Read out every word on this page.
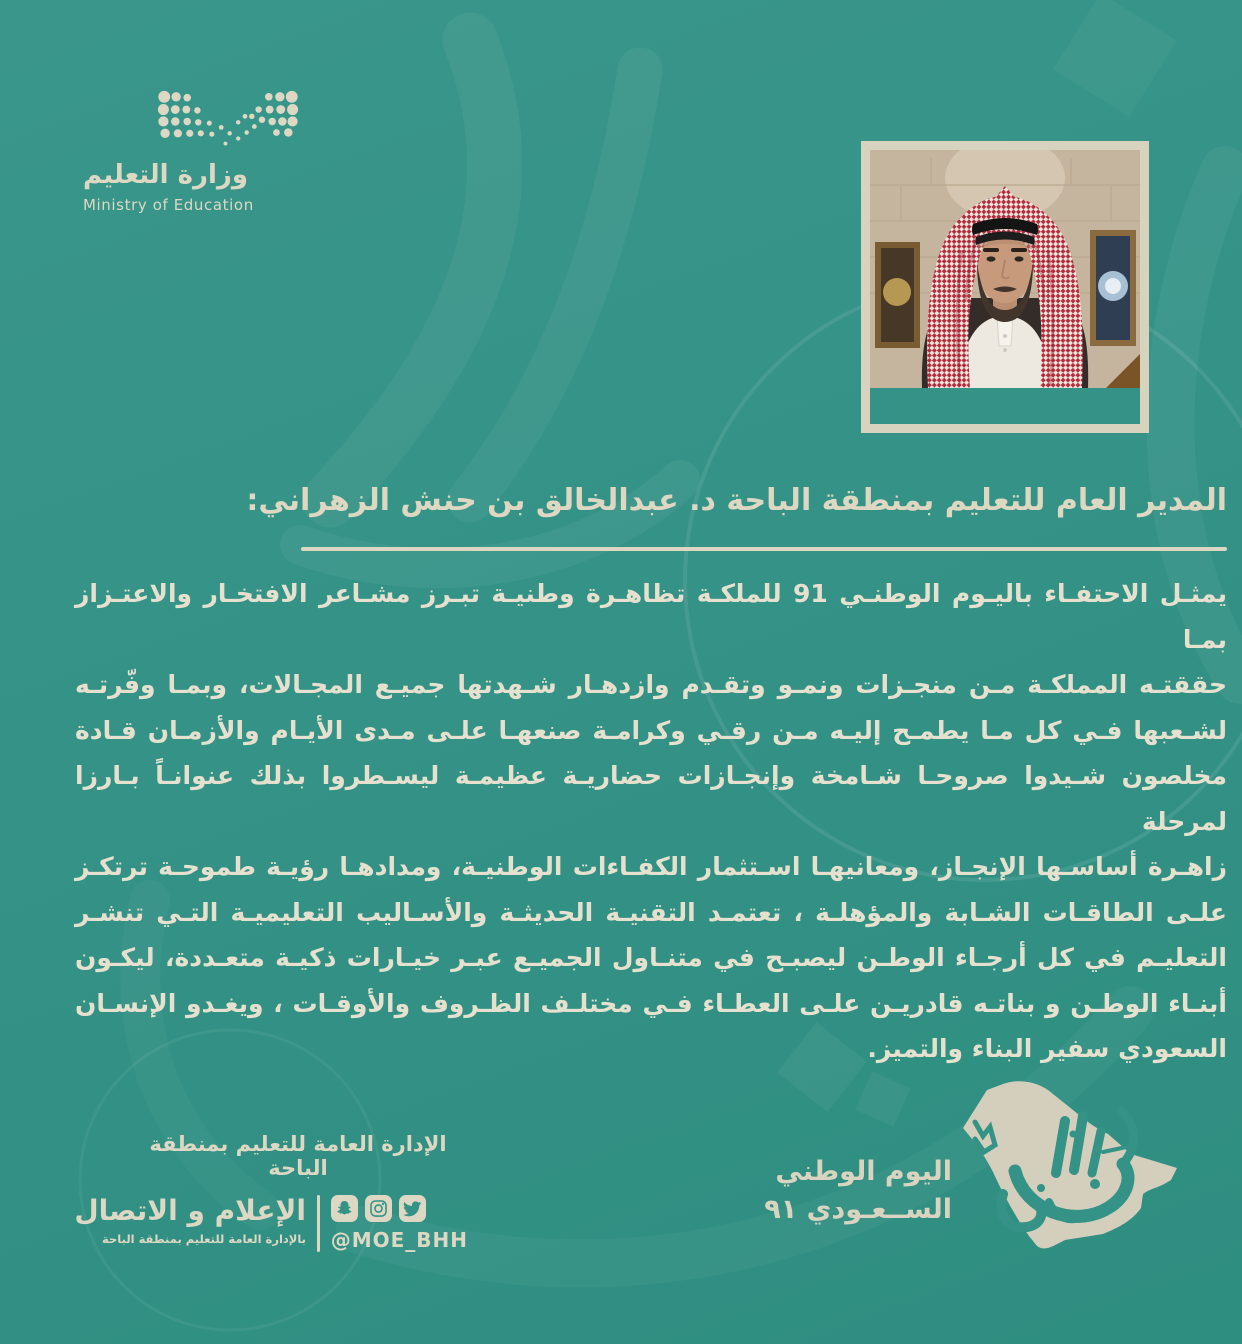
وزارة التعليم
Ministry of Education
المدير العام للتعليم بمنطقة الباحة د. عبدالخالق بن حنش الزهراني:
يمثـل الاحتفـاء باليـوم الوطنـي 91 للملكـة تظاهـرة وطنيـة تبـرز مشـاعر الافتخـار والاعتـزاز بمـا
حققتـه المملكـة مـن منجـزات ونمـو وتقـدم وازدهـار شـهدتها جميـع المجـالات، وبمـا وفّرتـه
لشـعبها فـي كل مـا يطمـح إليـه مـن رقـي وكرامـة صنعهـا علـى مـدى الأيـام والأزمـان قـادة
مخلصون شـيدوا صروحـا شـامخة وإنجـازات حضاريـة عظيمـة ليسـطروا بذلك عنوانـاً بـارزا لمرحلة
زاهـرة أساسـها الإنجـاز، ومعانيهـا اسـتثمار الكفـاءات الوطنيـة، ومدادهـا رؤيـة طموحـة ترتكـز
علـى الطاقـات الشـابة والمؤهلـة ، تعتمـد التقنيـة الحديثـة والأسـاليب التعليميـة التـي تنشـر
التعليـم في كل أرجـاء الوطـن ليصبـح في متنـاول الجميـع عبـر خيـارات ذكيـة متعـددة، ليكـون
أبنـاء الوطـن و بناتـه قادريـن علـى العطـاء فـي مختلـف الظـروف والأوقـات ، ويغـدو الإنسـان
السعودي سفير البناء والتميز.
الإدارة العامة للتعليم بمنطقة الباحة
الإعلام و الاتصال
بالإدارة العامة للتعليم بمنطقة الباحة @MOE_BHH
اليوم الوطني
الســعـودي ٩١
